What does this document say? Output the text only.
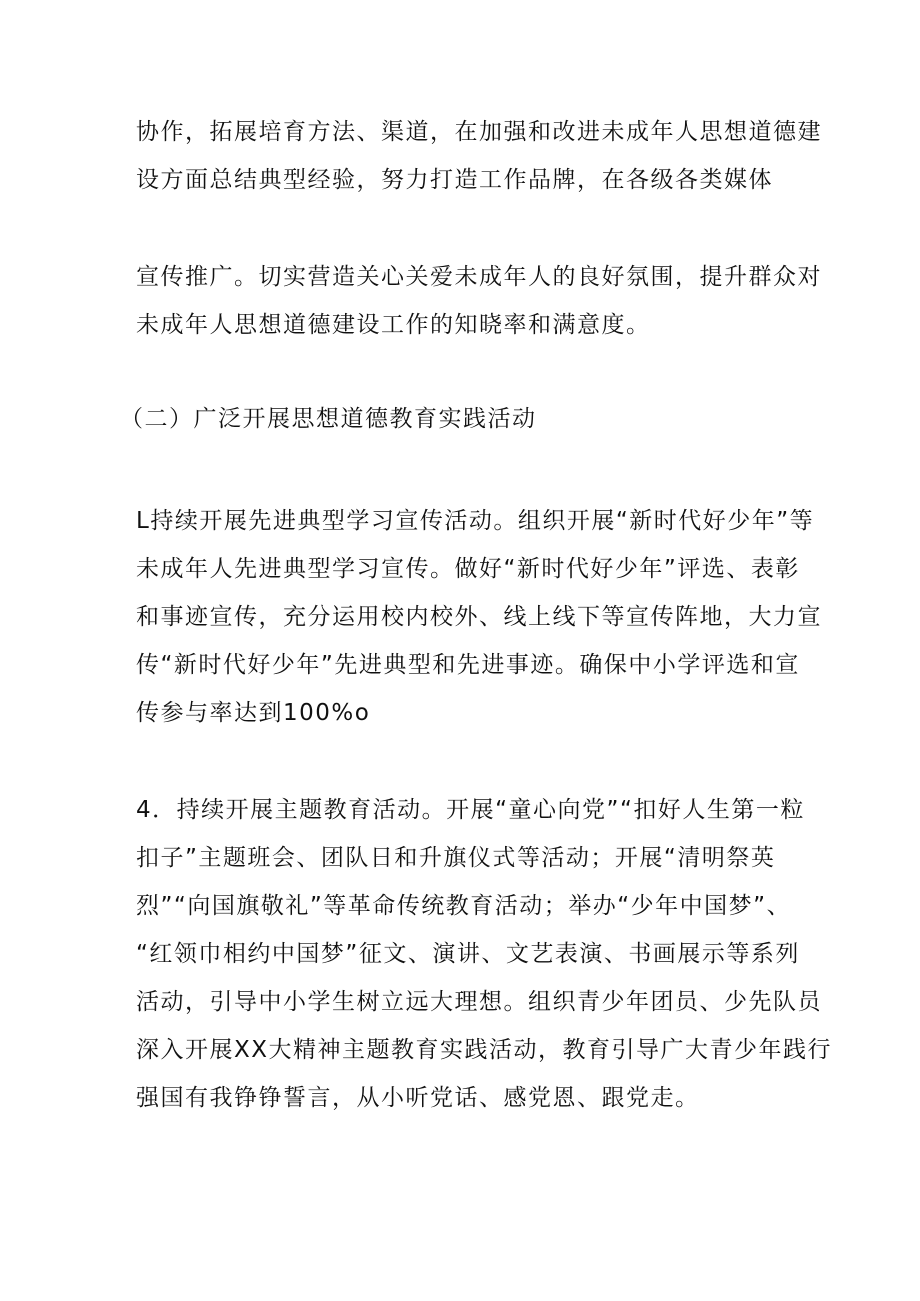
协作，拓展培育方法、渠道，在加强和改进未成年人思想道德建

设方面总结典型经验，努力打造工作品牌，在各级各类媒体

宣传推广。切实营造关心关爱未成年人的良好氛围，提升群众对

未成年人思想道德建设工作的知晓率和满意度。

（二）广泛开展思想道德教育实践活动

L持续开展先进典型学习宣传活动。组织开展“新时代好少年”等

未成年人先进典型学习宣传。做好“新时代好少年”评选、表彰

和事迹宣传，充分运用校内校外、线上线下等宣传阵地，大力宣

传“新时代好少年”先进典型和先进事迹。确保中小学评选和宣

传参与率达到100%o

4．持续开展主题教育活动。开展“童心向党”“扣好人生第一粒

扣子”主题班会、团队日和升旗仪式等活动；开展“清明祭英

烈”“向国旗敬礼”等革命传统教育活动；举办“少年中国梦”、

“红领巾相约中国梦”征文、演讲、文艺表演、书画展示等系列

活动，引导中小学生树立远大理想。组织青少年团员、少先队员

深入开展XX大精神主题教育实践活动，教育引导广大青少年践行

强国有我铮铮誓言，从小听党话、感党恩、跟党走。
